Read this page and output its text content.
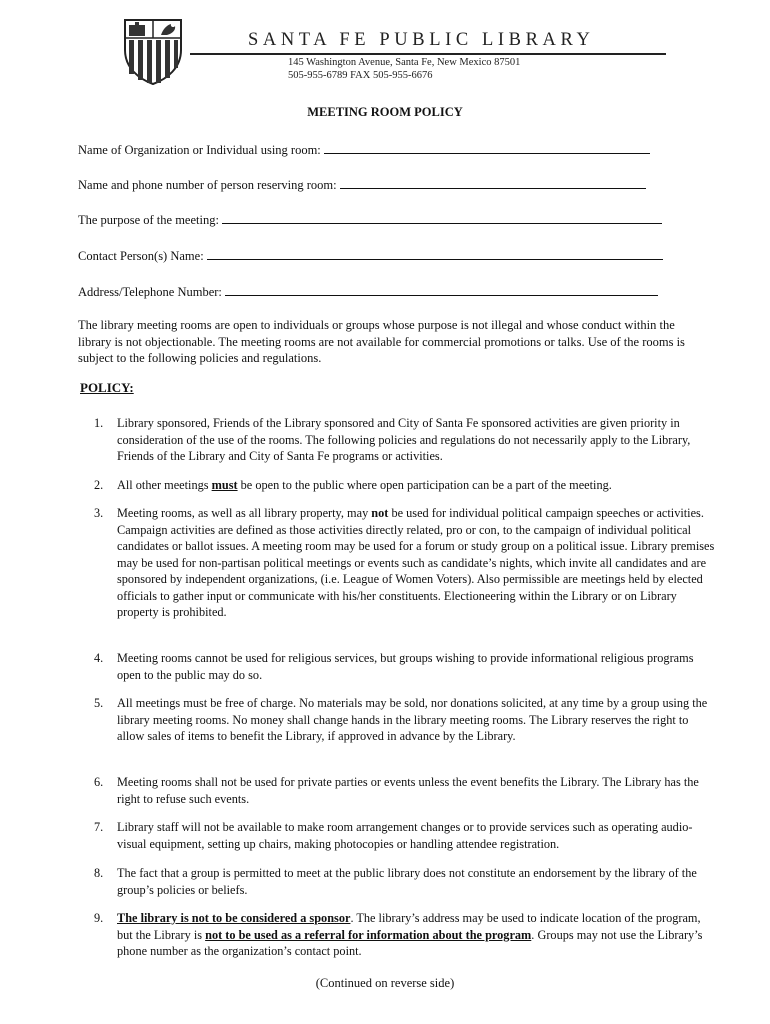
SANTA FE PUBLIC LIBRARY
145 Washington Avenue, Santa Fe, New Mexico 87501
505-955-6789 FAX 505-955-6676
MEETING ROOM POLICY
Name of Organization or Individual using room:
Name and phone number of person reserving room:
The purpose of the meeting:
Contact Person(s) Name:
Address/Telephone Number:
The library meeting rooms are open to individuals or groups whose purpose is not illegal and whose conduct within the library is not objectionable. The meeting rooms are not available for commercial promotions or talks. Use of the rooms is subject to the following policies and regulations.
POLICY:
1. Library sponsored, Friends of the Library sponsored and City of Santa Fe sponsored activities are given priority in consideration of the use of the rooms. The following policies and regulations do not necessarily apply to the Library, Friends of the Library and City of Santa Fe programs or activities.
2. All other meetings must be open to the public where open participation can be a part of the meeting.
3. Meeting rooms, as well as all library property, may not be used for individual political campaign speeches or activities. Campaign activities are defined as those activities directly related, pro or con, to the campaign of individual political candidates or ballot issues. A meeting room may be used for a forum or study group on a political issue. Library premises may be used for non-partisan political meetings or events such as candidate’s nights, which invite all candidates and are sponsored by independent organizations, (i.e. League of Women Voters). Also permissible are meetings held by elected officials to gather input or communicate with his/her constituents. Electioneering within the Library or on Library property is prohibited.
4. Meeting rooms cannot be used for religious services, but groups wishing to provide informational religious programs open to the public may do so.
5. All meetings must be free of charge. No materials may be sold, nor donations solicited, at any time by a group using the library meeting rooms. No money shall change hands in the library meeting rooms. The Library reserves the right to allow sales of items to benefit the Library, if approved in advance by the Library.
6. Meeting rooms shall not be used for private parties or events unless the event benefits the Library. The Library has the right to refuse such events.
7. Library staff will not be available to make room arrangement changes or to provide services such as operating audio-visual equipment, setting up chairs, making photocopies or handling attendee registration.
8. The fact that a group is permitted to meet at the public library does not constitute an endorsement by the library of the group’s policies or beliefs.
9. The library is not to be considered a sponsor. The library’s address may be used to indicate location of the program, but the Library is not to be used as a referral for information about the program. Groups may not use the Library’s phone number as the organization’s contact point.
(Continued on reverse side)
